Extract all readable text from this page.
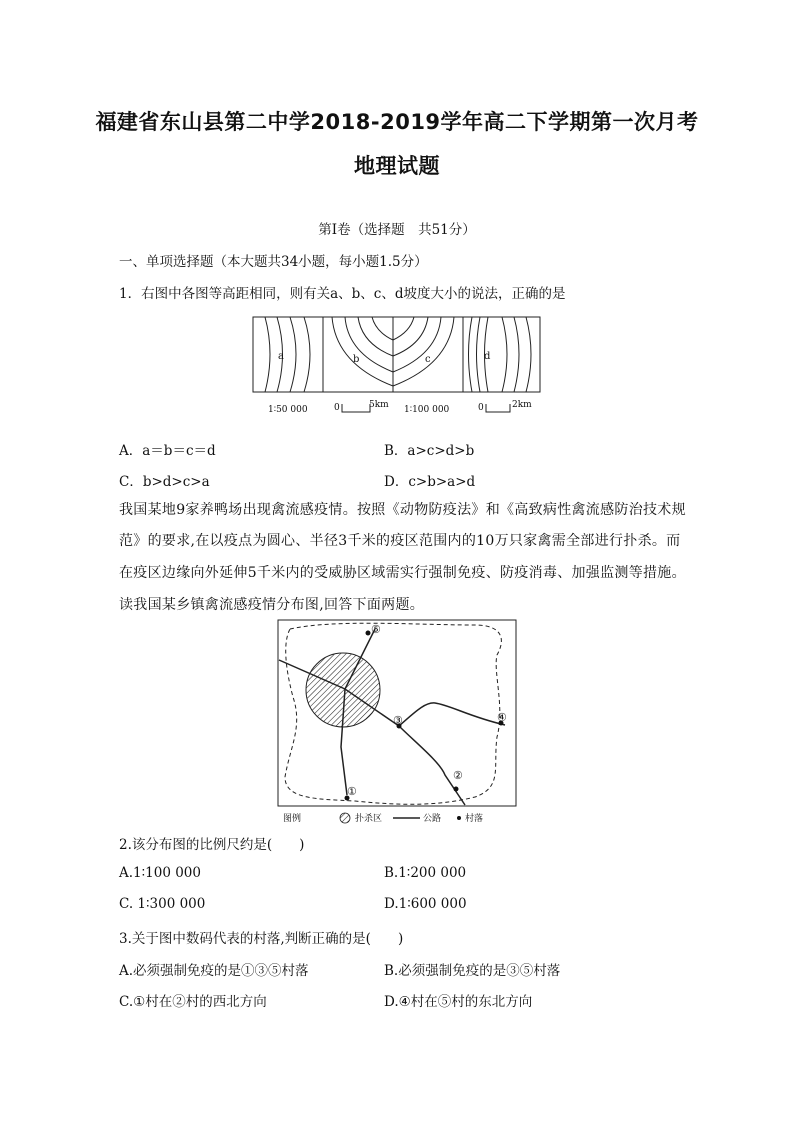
福建省东山县第二中学2018-2019学年高二下学期第一次月考
地理试题
第Ⅰ卷（选择题　共51分）
一、单项选择题（本大题共34小题，每小题1.5分）
1．右图中各图等高距相同，则有关a、b、c、d坡度大小的说法，正确的是
a	b	c	d
1∶50 000	0	5km 1∶100 000	0	2km
A．a＝b＝c＝d	B．a>c>d>b
C．b>d>c>a	D．c>b>a>d
我国某地9家养鸭场出现禽流感疫情。按照《动物防疫法》和《高致病性禽流感防治技术规
范》的要求,在以疫点为圆心、半径3千米的疫区范围内的10万只家禽需全部进行扑杀。而
在疫区边缘向外延伸5千米内的受威胁区域需实行强制免疫、防疫消毒、加强监测等措施。
读我国某乡镇禽流感疫情分布图,回答下面两题。
⑤
③	④
②
①
图例	扑杀区	公路	村落
2.该分布图的比例尺约是(　　)
A.1∶100 000	B.1∶200 000
C. 1∶300 000	D.1∶600 000
3.关于图中数码代表的村落,判断正确的是(　　)
A.必须强制免疫的是①③⑤村落	B.必须强制免疫的是③⑤村落
C.①村在②村的西北方向	D.④村在⑤村的东北方向
